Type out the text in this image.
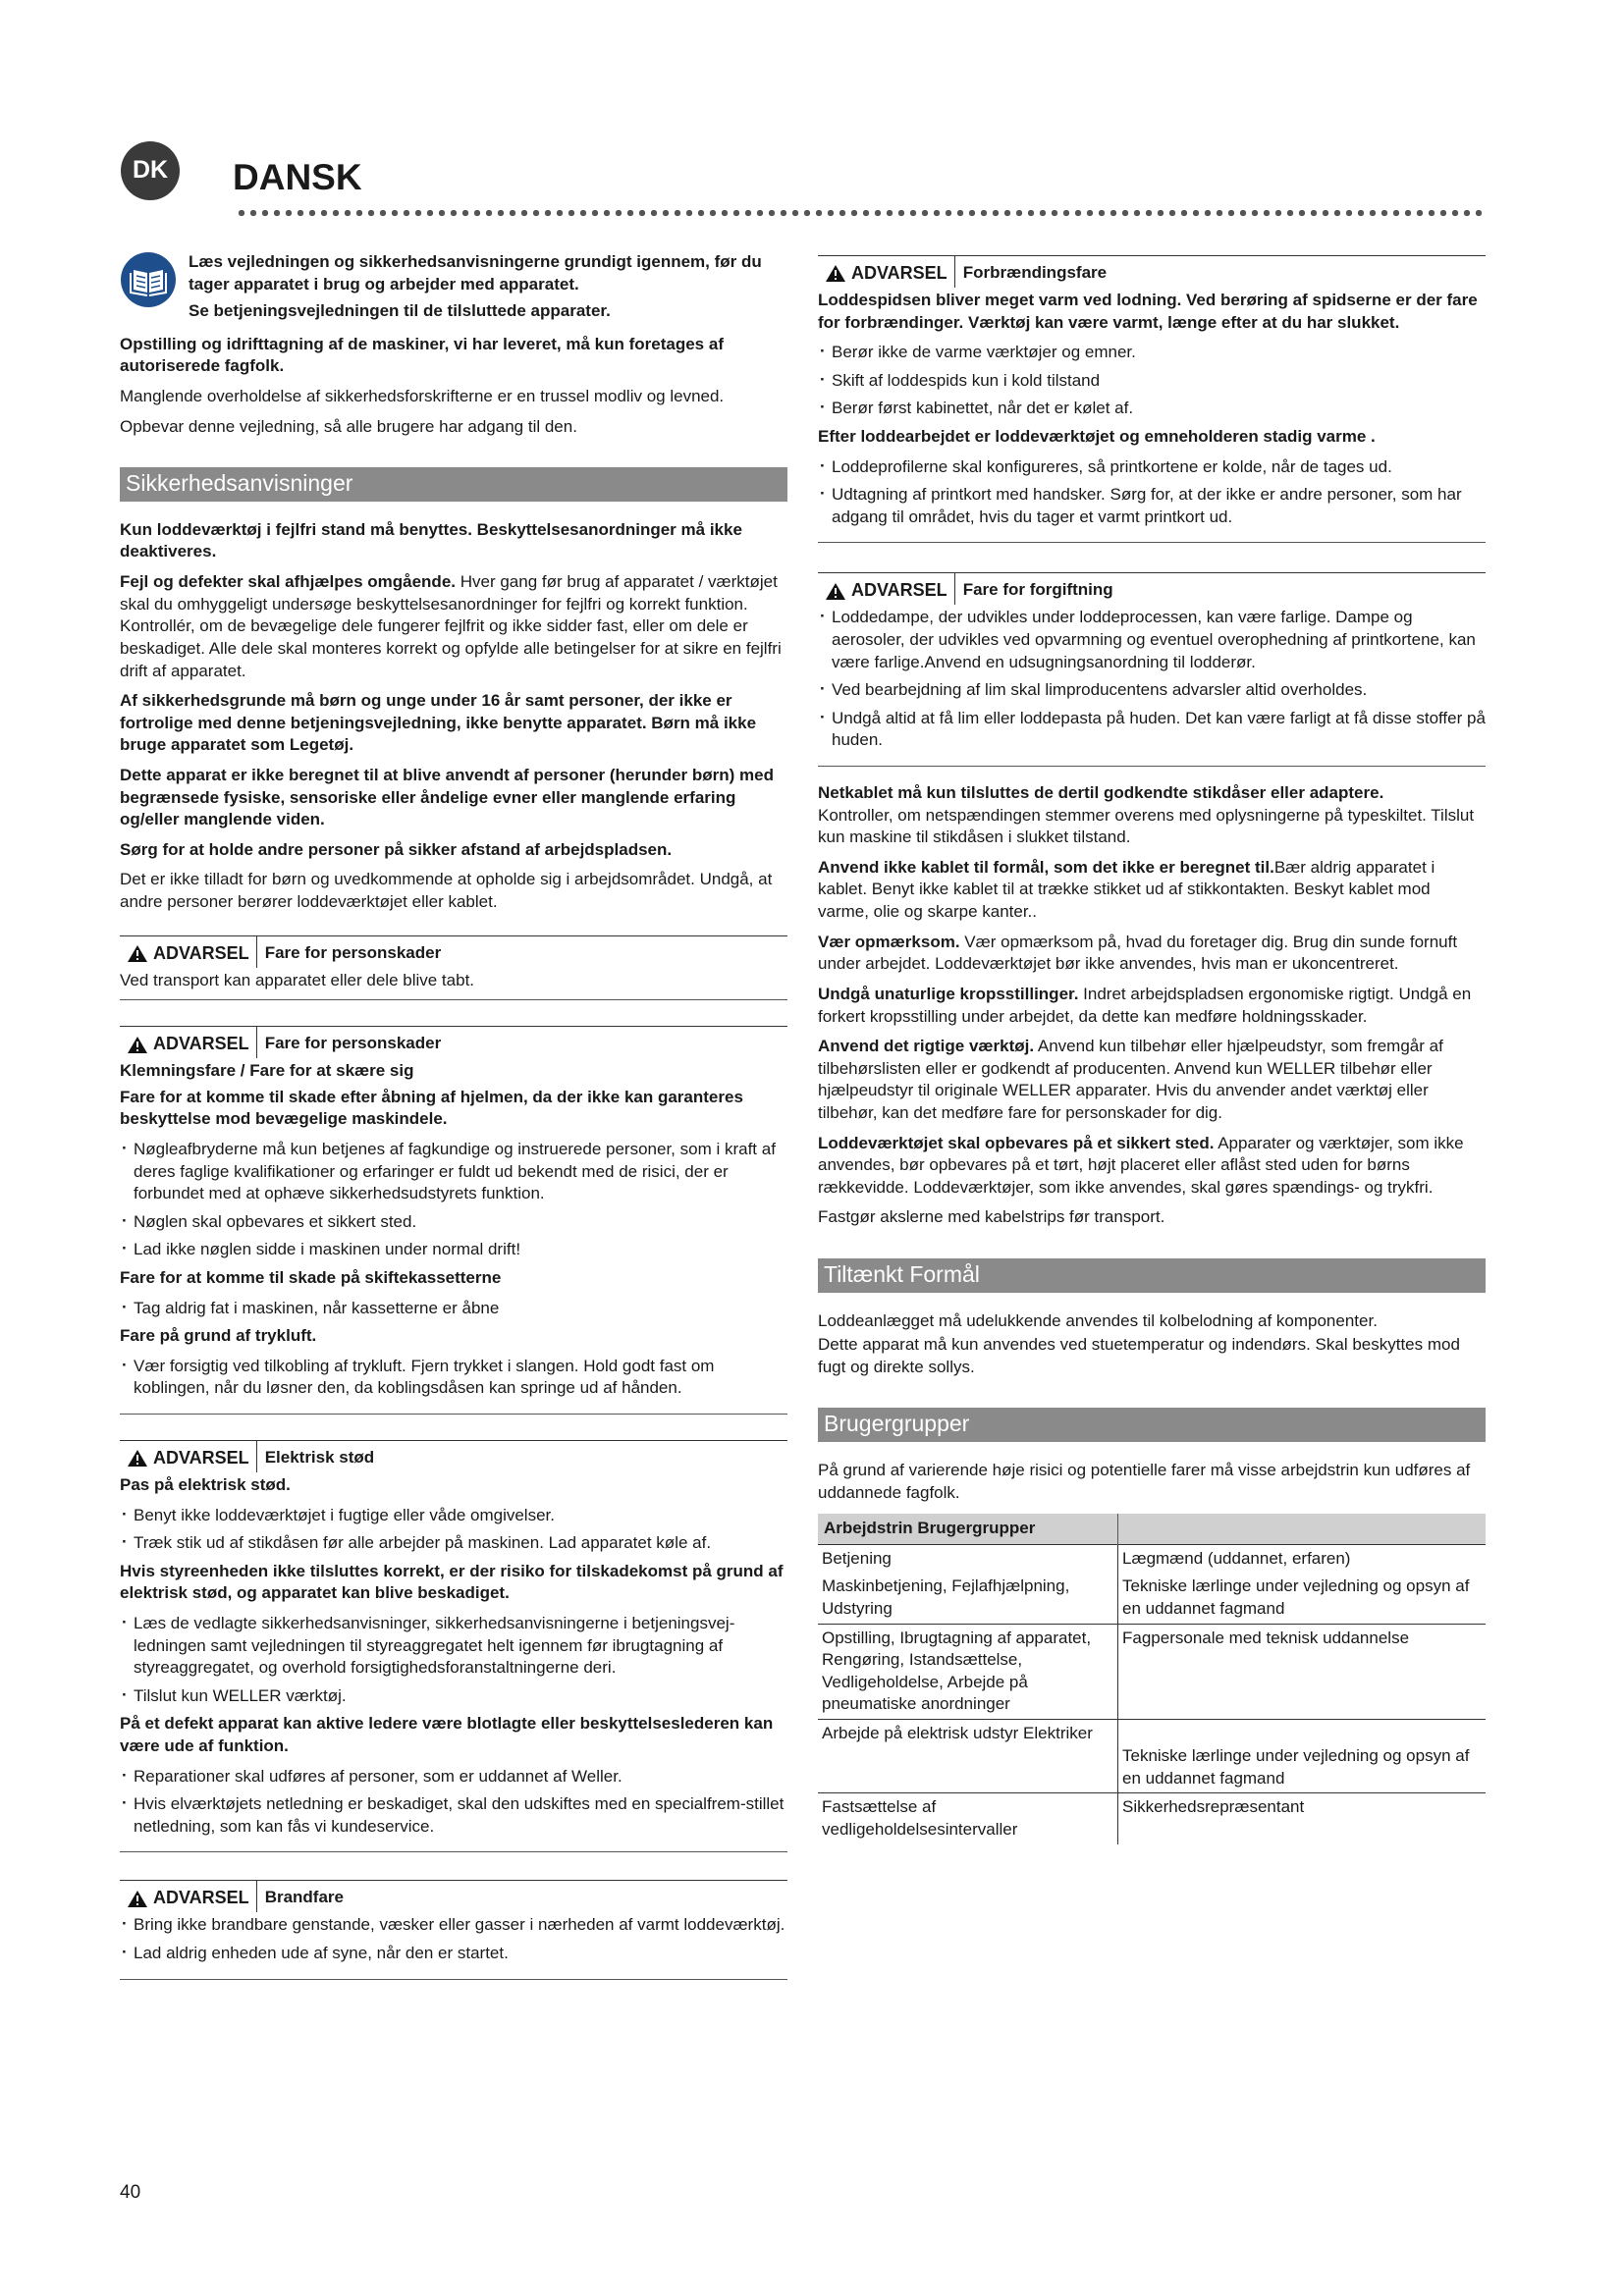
DK	DANSK

Læs vejledningen og sikkerhedsanvisningerne grundigt igennem, før du tager apparatet i brug og arbejder med apparatet.

Se betjeningsvejledningen til de tilsluttede apparater.

Opstilling og idrifttagning af de maskiner, vi har leveret, må kun foretages af autoriserede fagfolk.

Manglende overholdelse af sikkerhedsforskrifterne er en trussel modliv og levned.

Opbevar denne vejledning, så alle brugere har adgang til den.

Sikkerhedsanvisninger

Kun loddeværktøj i fejlfri stand må benyttes. Beskyttelsesanordninger må ikke deaktiveres.

Fejl og defekter skal afhjælpes omgående. Hver gang før brug af apparatet / værktøjet skal du omhyggeligt undersøge beskyttelsesanordninger for fejlfri og korrekt funktion. Kontrollér, om de bevægelige dele fungerer fejlfrit og ikke sidder fast, eller om dele er beskadiget. Alle dele skal monteres korrekt og opfylde alle betingelser for at sikre en fejlfri drift af apparatet.

Af sikkerhedsgrunde må børn og unge under 16 år samt personer, der ikke er fortrolige med denne betjeningsvejledning, ikke benytte apparatet. Børn må ikke bruge apparatet som Legetøj.

Dette apparat er ikke beregnet til at blive anvendt af personer (herunder børn) med begrænsede fysiske, sensoriske eller åndelige evner eller manglende erfaring og/eller manglende viden.

Sørg for at holde andre personer på sikker afstand af arbejdspladsen.

Det er ikke tilladt for børn og uvedkommende at opholde sig i arbejdsområdet. Undgå, at andre personer berører loddeværktøjet eller kablet.

ADVARSEL Fare for personskader

Ved transport kan apparatet eller dele blive tabt.

ADVARSEL Fare for personskader

Klemningsfare / Fare for at skære sig

Fare for at komme til skade efter åbning af hjelmen, da der ikke kan garanteres beskyttelse mod bevægelige maskindele.

· Nøgleafbryderne må kun betjenes af fagkundige og instruerede personer, som i kraft af deres faglige kvalifikationer og erfaringer er fuldt ud bekendt med de risici, der er forbundet med at ophæve sikkerhedsudstyrets funktion.
· Nøglen skal opbevares et sikkert sted.
· Lad ikke nøglen sidde i maskinen under normal drift!

Fare for at komme til skade på skiftekassetterne

· Tag aldrig fat i maskinen, når kassetterne er åbne

Fare på grund af trykluft.

· Vær forsigtig ved tilkobling af trykluft. Fjern trykket i slangen. Hold godt fast om koblingen, når du løsner den, da koblingsdåsen kan springe ud af hånden.
ADVARSEL Elektrisk stød

Pas på elektrisk stød.

· Benyt ikke loddeværktøjet i fugtige eller våde omgivelser.
· Træk stik ud af stikdåsen før alle arbejder på maskinen. Lad apparatet køle af.

Hvis styreenheden ikke tilsluttes korrekt, er der risiko for tilskadekomst på grund af elektrisk stød, og apparatet kan blive beskadiget.

· Læs de vedlagte sikkerhedsanvisninger, sikkerhedsanvisningerne i betjeningsvej-ledningen samt vejledningen til styreaggregatet helt igennem før ibrugtagning af styreaggregatet, og overhold forsigtighedsforanstaltningerne deri.
· Tilslut kun WELLER værktøj.

På et defekt apparat kan aktive ledere være blotlagte eller beskyttelseslederen kan være ude af funktion.

· Reparationer skal udføres af personer, som er uddannet af Weller.
· Hvis elværktøjets netledning er beskadiget, skal den udskiftes med en specialfrem-stillet netledning, som kan fås vi kundeservice.
ADVARSEL Brandfare
· Bring ikke brandbare genstande, væsker eller gasser i nærheden af varmt loddeværktøj.
· Lad aldrig enheden ude af syne, når den er startet.
ADVARSEL Forbrændingsfare

Loddespidsen bliver meget varm ved lodning. Ved berøring af spidserne er der fare for forbrændinger. Værktøj kan være varmt, længe efter at du har slukket.

· Berør ikke de varme værktøjer og emner.
· Skift af loddespids kun i kold tilstand
· Berør først kabinettet, når det er kølet af.

Efter loddearbejdet er loddeværktøjet og emneholderen stadig varme .

· Loddeprofilerne skal konfigureres, så printkortene er kolde, når de tages ud.
· Udtagning af printkort med handsker. Sørg for, at der ikke er andre personer, som har adgang til området, hvis du tager et varmt printkort ud.
ADVARSEL Fare for forgiftning
· Loddedampe, der udvikles under loddeprocessen, kan være farlige. Dampe og aerosoler, der udvikles ved opvarmning og eventuel overophedning af printkortene, kan være farlige.Anvend en udsugningsanordning til lodderør.
· Ved bearbejdning af lim skal limproducentens advarsler altid overholdes.
· Undgå altid at få lim eller loddepasta på huden. Det kan være farligt at få disse stoffer på huden.

Netkablet må kun tilsluttes de dertil godkendte stikdåser eller adaptere.
Kontroller, om netspændingen stemmer overens med oplysningerne på typeskiltet. Tilslut kun maskine til stikdåsen i slukket tilstand.

Anvend ikke kablet til formål, som det ikke er beregnet til.Bær aldrig apparatet i kablet. Benyt ikke kablet til at trække stikket ud af stikkontakten. Beskyt kablet mod varme, olie og skarpe kanter..

Vær opmærksom. Vær opmærksom på, hvad du foretager dig. Brug din sunde fornuft under arbejdet. Loddeværktøjet bør ikke anvendes, hvis man er ukoncentreret.

Undgå unaturlige kropsstillinger. Indret arbejdspladsen ergonomiske rigtigt. Undgå en forkert kropsstilling under arbejdet, da dette kan medføre holdningsskader.

Anvend det rigtige værktøj. Anvend kun tilbehør eller hjælpeudstyr, som fremgår af tilbehørslisten eller er godkendt af producenten. Anvend kun WELLER tilbehør eller hjælpeudstyr til originale WELLER apparater. Hvis du anvender andet værktøj eller tilbehør, kan det medføre fare for personskader for dig.

Loddeværktøjet skal opbevares på et sikkert sted. Apparater og værktøjer, som ikke anvendes, bør opbevares på et tørt, højt placeret eller aflåst sted uden for børns rækkevidde. Loddeværktøjer, som ikke anvendes, skal gøres spændings- og trykfri.

Fastgør akslerne med kabelstrips før transport.

Tiltænkt Formål

Loddeanlægget må udelukkende anvendes til kolbelodning af komponenter.

Dette apparat må kun anvendes ved stuetemperatur og indendørs. Skal beskyttes mod fugt og direkte sollys.

Brugergrupper

På grund af varierende høje risici og potentielle farer må visse arbejdstrin kun udføres af uddannede fagfolk.

Arbejdstrin Brugergrupper	
Betjening	Lægmænd (uddannet, erfaren)
Maskinbetjening, Fejlafhjælpning, Udstyring	Tekniske lærlinge under vejledning og opsyn af en uddannet fagmand
Opstilling, Ibrugtagning af apparatet, Rengøring, Istandsættelse, Vedligeholdelse, Arbejde på pneumatiske anordninger	Fagpersonale med teknisk uddannelse
Arbejde på elektrisk udstyr Elektriker	Tekniske lærlinge under vejledning og opsyn af en uddannet fagmand
Fastsættelse af vedligeholdelsesintervaller	Sikkerhedsrepræsentant
40
